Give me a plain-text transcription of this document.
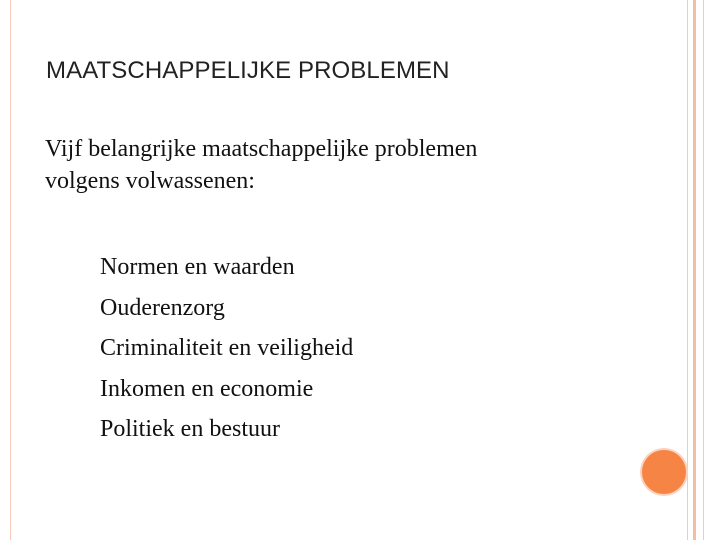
MAATSCHAPPELIJKE PROBLEMEN
Vijf belangrijke maatschappelijke problemen
volgens volwassenen:
Normen en waarden
Ouderenzorg
Criminaliteit en veiligheid
Inkomen en economie
Politiek en bestuur
